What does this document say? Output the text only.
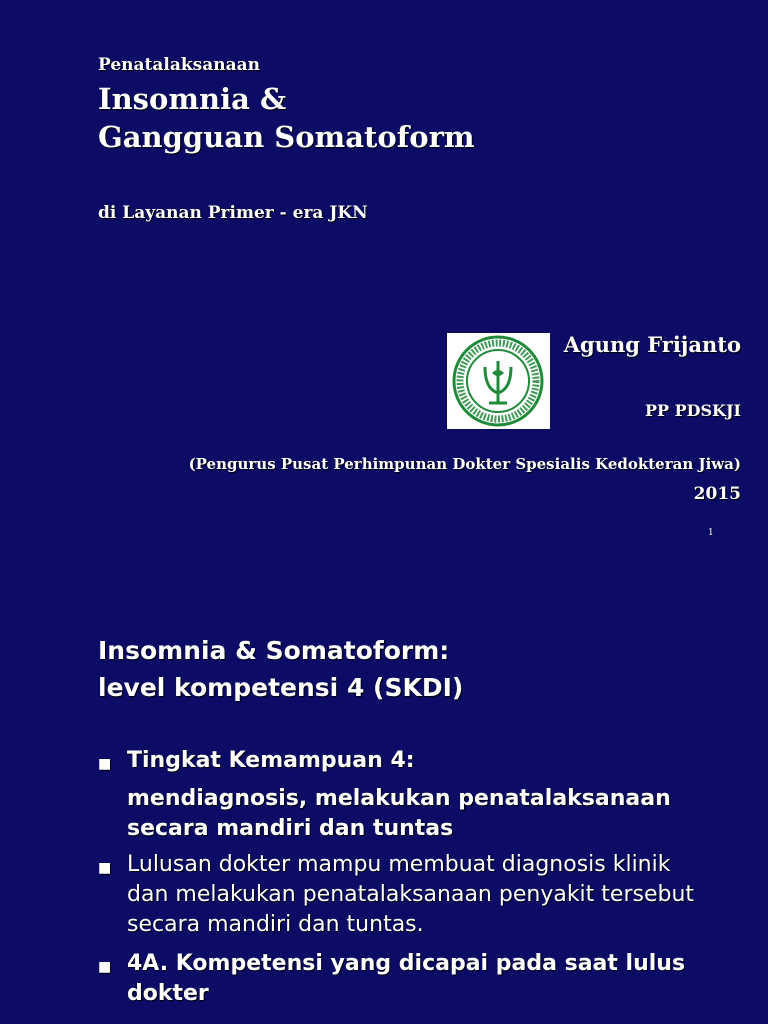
Penatalaksanaan
Insomnia &
Gangguan Somatoform
di Layanan Primer - era JKN
Agung Frijanto
PP PDSKJI
(Pengurus Pusat Perhimpunan Dokter Spesialis Kedokteran Jiwa)
2015
1
Insomnia & Somatoform:
level kompetensi 4 (SKDI)
■ Tingkat Kemampuan 4:
mendiagnosis, melakukan penatalaksanaan
secara mandiri dan tuntas
■ Lulusan dokter mampu membuat diagnosis klinik
dan melakukan penatalaksanaan penyakit tersebut
secara mandiri dan tuntas.
■ 4A. Kompetensi yang dicapai pada saat lulus
dokter
